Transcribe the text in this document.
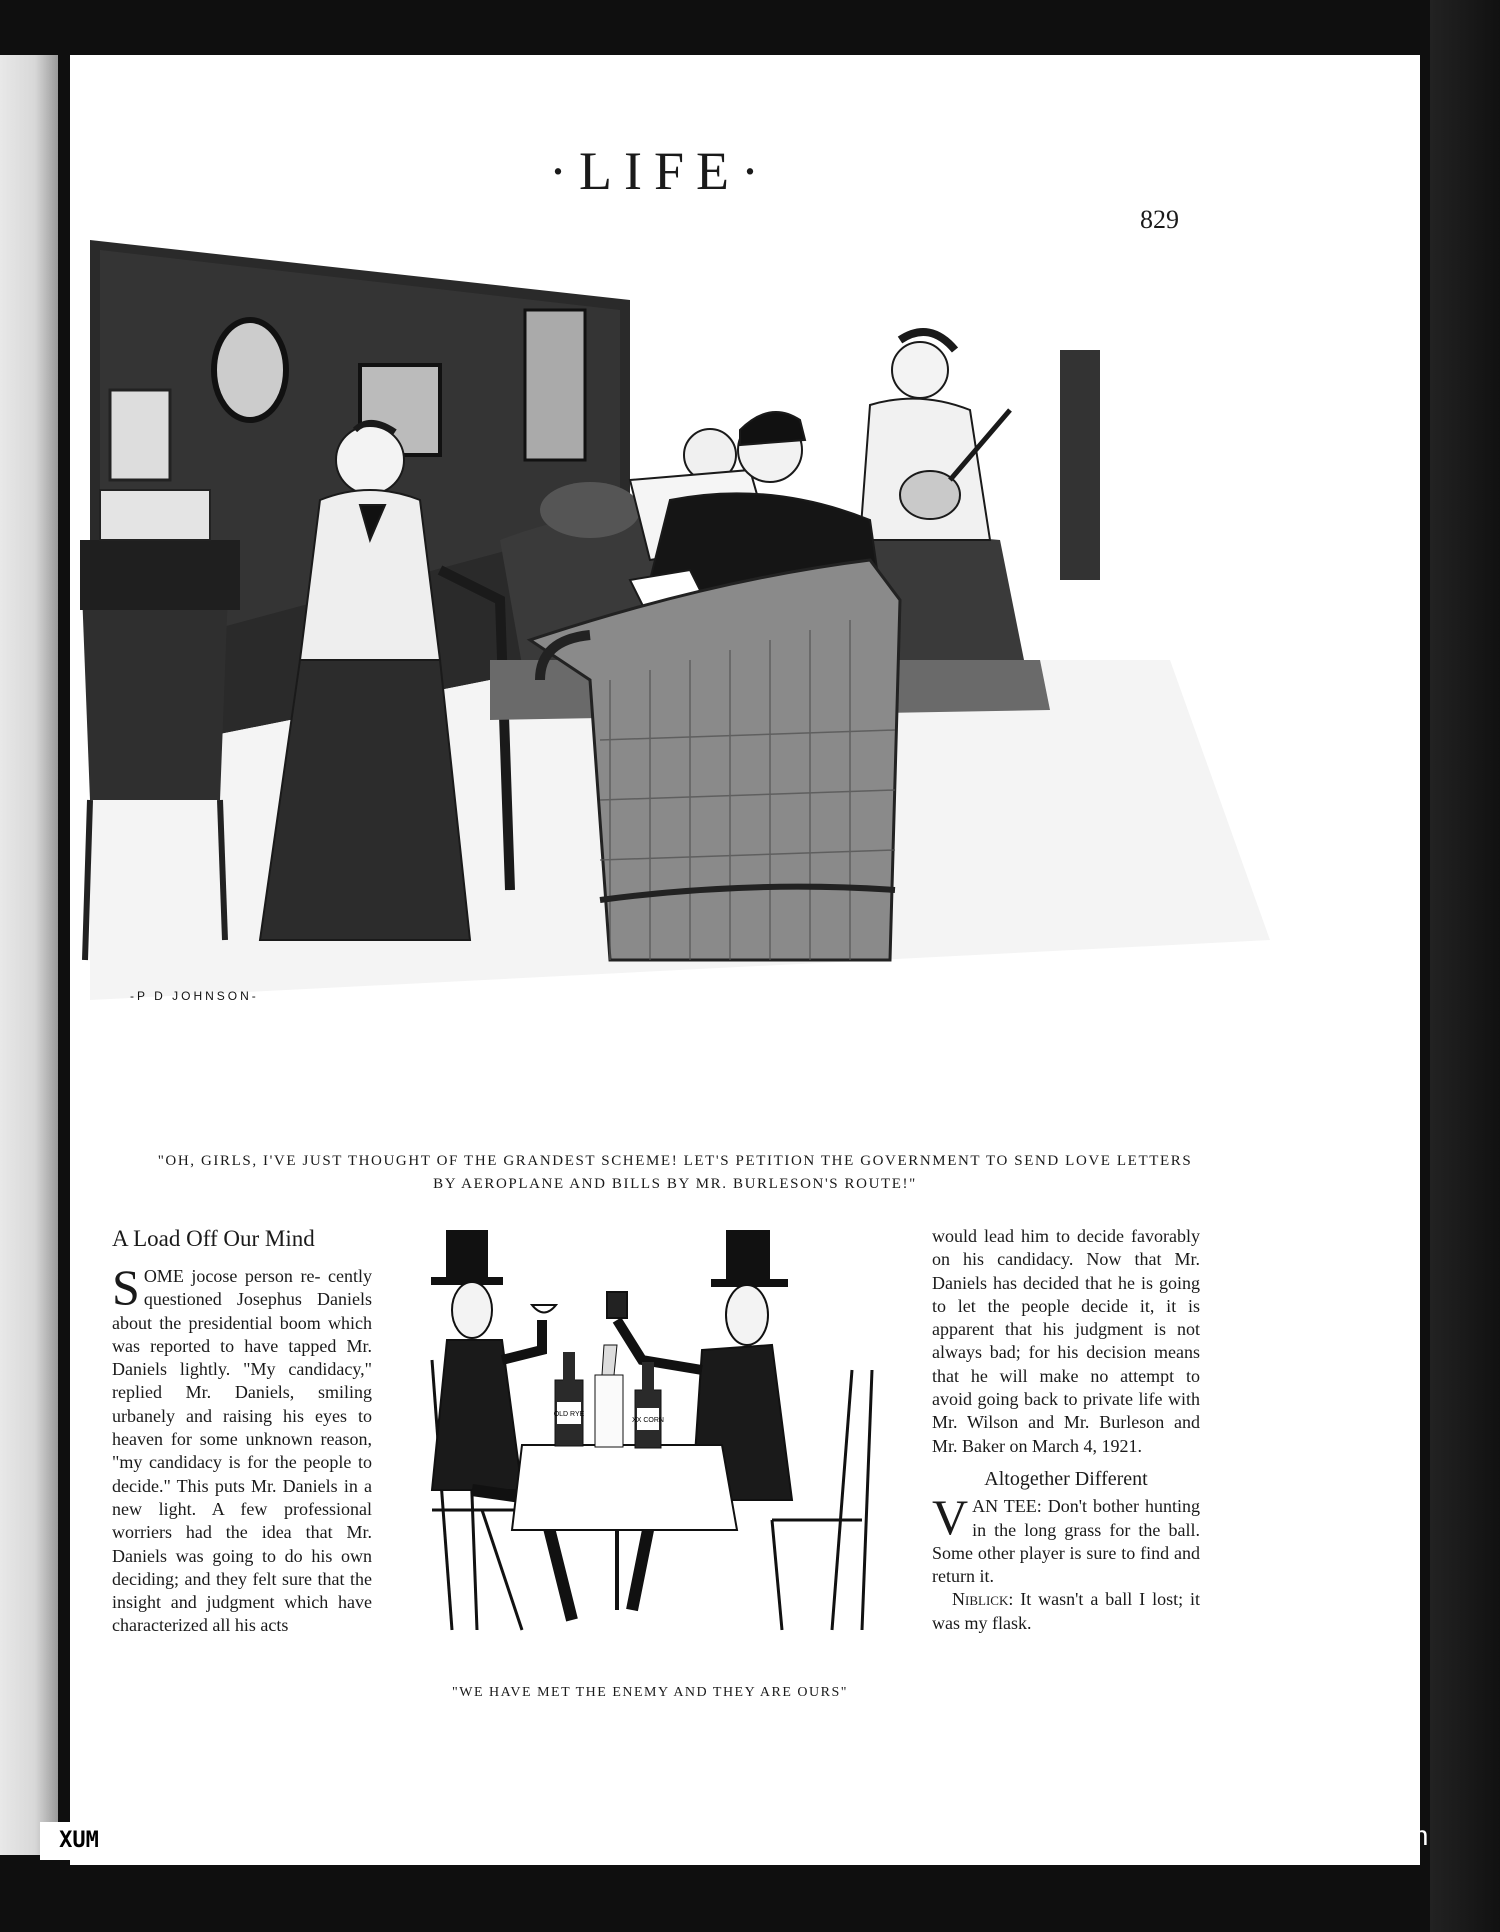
·LIFE·
829
-P D JOHNSON-
"OH, GIRLS, I'VE JUST THOUGHT OF THE GRANDEST SCHEME! LET'S PETITION THE GOVERNMENT TO SEND LOVE LETTERS BY AEROPLANE AND BILLS BY MR. BURLESON'S ROUTE!"
A Load Off Our Mind

S OME jocose person re- cently questioned Josephus Daniels about the presidential boom which was reported to have tapped Mr. Daniels lightly. "My candidacy," replied Mr. Daniels, smiling urbanely and raising his eyes to heaven for some unknown reason, "my candidacy is for the people to decide." This puts Mr. Daniels in a new light. A few professional worriers had the idea that Mr. Daniels was going to do his own deciding; and they felt sure that the insight and judgment which have characterized all his acts

OLD RYE
XX CORN
"WE HAVE MET THE ENEMY AND THEY ARE OURS"

would lead him to decide favorably on his candidacy. Now that Mr. Daniels has decided that he is going to let the people decide it, it is apparent that his judgment is not always bad; for his decision means that he will make no attempt to avoid going back to private life with Mr. Wilson and Mr. Burleson and Mr. Baker on March 4, 1921.

Altogether Different

V AN TEE: Don't bother hunting in the long grass for the ball. Some other player is sure to find and return it.

Niblick: It wasn't a ball I lost; it was my flask.

XUM	comicbooks.com
